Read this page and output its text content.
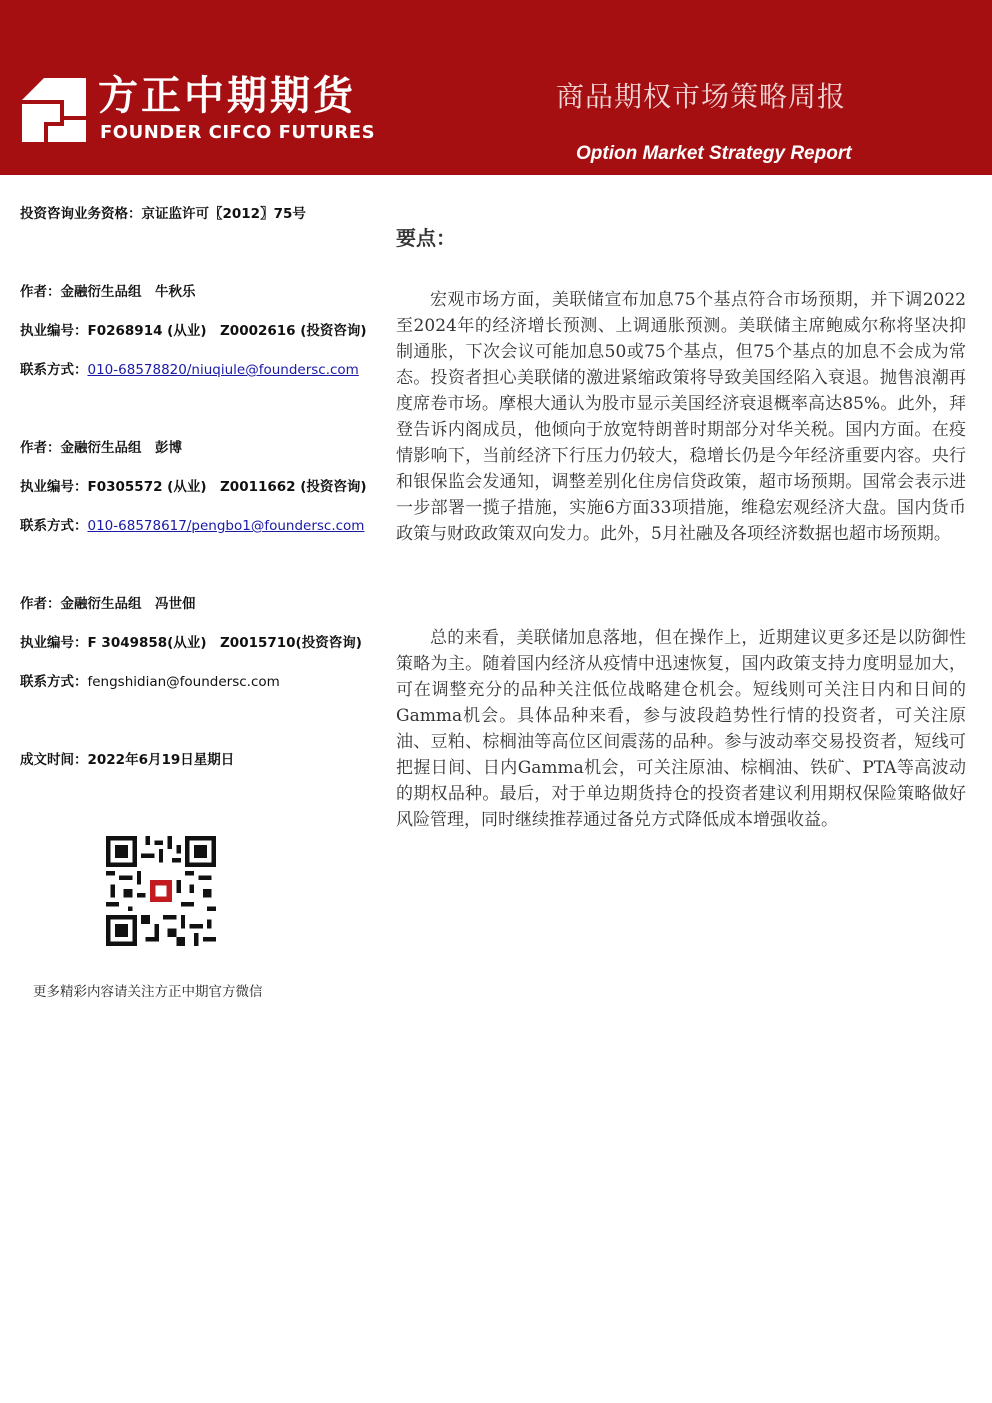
方正中期期货
FOUNDER CIFCO FUTURES
商品期权市场策略周报
Option Market Strategy Report
投资咨询业务资格：京证监许可〖2012〗75号
作者：金融衍生品组　牛秋乐
执业编号：F0268914 (从业)　Z0002616 (投资咨询)
联系方式：010-68578820/niuqiule@foundersc.com
作者：金融衍生品组　彭博
执业编号：F0305572 (从业)　Z0011662 (投资咨询)
联系方式：010-68578617/pengbo1@foundersc.com
作者：金融衍生品组　冯世佃
执业编号：F 3049858(从业)　Z0015710(投资咨询)
联系方式：fengshidian@foundersc.com
成文时间：2022年6月19日星期日
更多精彩内容请关注方正中期官方微信
要点：

宏观市场方面，美联储宣布加息75个基点符合市场预期，并下调2022至2024年的经济增长预测、上调通胀预测。美联储主席鲍威尔称将坚决抑制通胀，下次会议可能加息50或75个基点，但75个基点的加息不会成为常态。投资者担心美联储的激进紧缩政策将导致美国经陷入衰退。抛售浪潮再度席卷市场。摩根大通认为股市显示美国经济衰退概率高达85%。此外，拜登告诉内阁成员，他倾向于放宽特朗普时期部分对华关税。国内方面。在疫情影响下，当前经济下行压力仍较大，稳增长仍是今年经济重要内容。央行和银保监会发通知，调整差别化住房信贷政策，超市场预期。国常会表示进一步部署一揽子措施，实施6方面33项措施，维稳宏观经济大盘。国内货币政策与财政政策双向发力。此外，5月社融及各项经济数据也超市场预期。

总的来看，美联储加息落地，但在操作上，近期建议更多还是以防御性策略为主。随着国内经济从疫情中迅速恢复，国内政策支持力度明显加大，可在调整充分的品种关注低位战略建仓机会。短线则可关注日内和日间的Gamma机会。具体品种来看，参与波段趋势性行情的投资者，可关注原油、豆粕、棕榈油等高位区间震荡的品种。参与波动率交易投资者，短线可把握日间、日内Gamma机会，可关注原油、棕榈油、铁矿、PTA等高波动的期权品种。最后，对于单边期货持仓的投资者建议利用期权保险策略做好风险管理，同时继续推荐通过备兑方式降低成本增强收益。
